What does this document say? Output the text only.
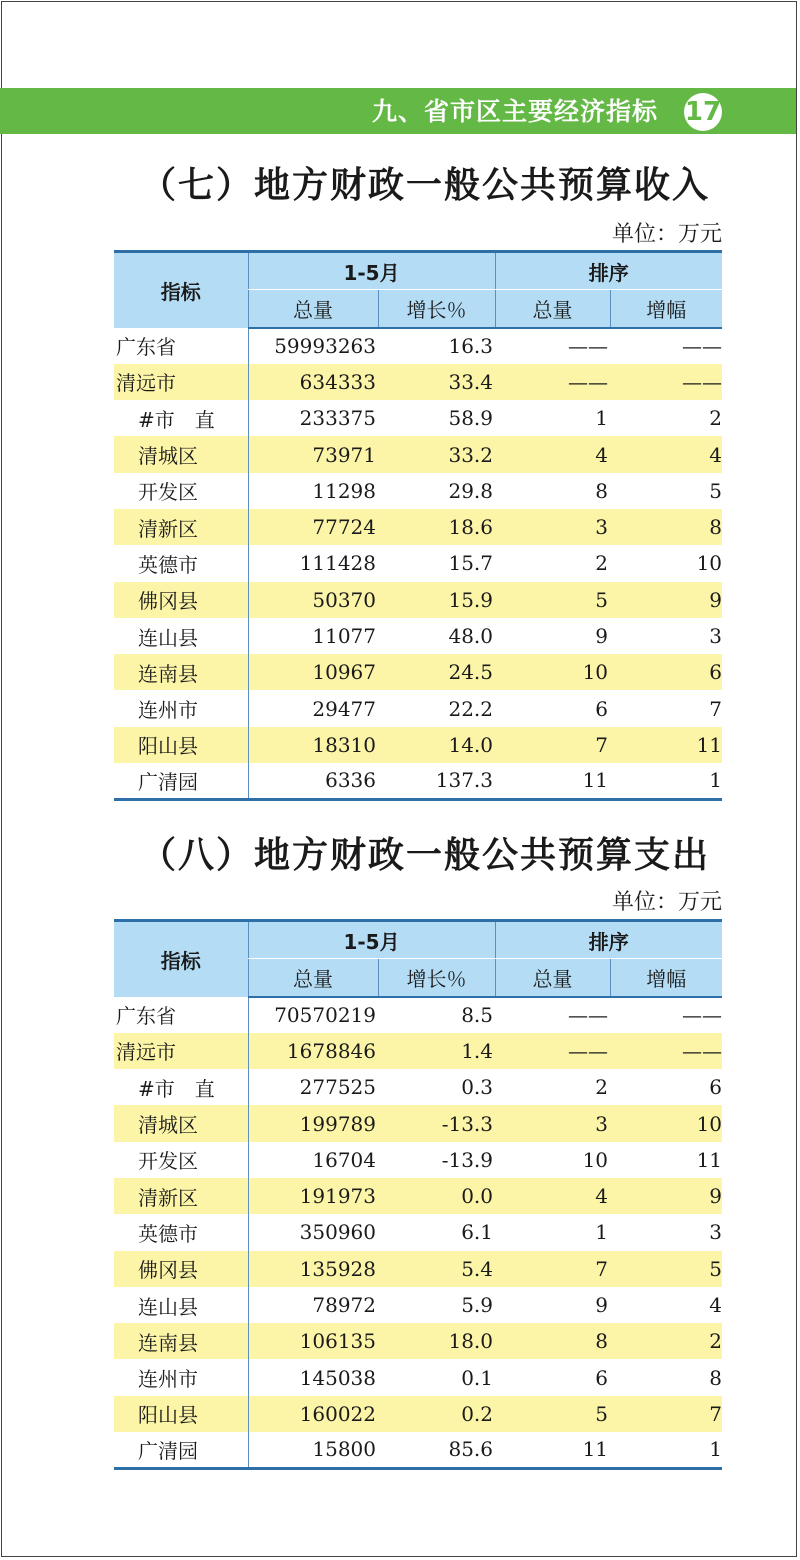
九、省市区主要经济指标 17
（七）地方财政一般公共预算收入
单位：万元
指标	1-5月		排序	
	总量	增长％	总量	增幅
广东省	59993263	16.3	——	——
清远市	634333	33.4	——	——
#市　直	233375	58.9	1	2
清城区	73971	33.2	4	4
开发区	11298	29.8	8	5
清新区	77724	18.6	3	8
英德市	111428	15.7	2	10
佛冈县	50370	15.9	5	9
连山县	11077	48.0	9	3
连南县	10967	24.5	10	6
连州市	29477	22.2	6	7
阳山县	18310	14.0	7	11
广清园	6336	137.3	11	1
（八）地方财政一般公共预算支出
单位：万元
指标	1-5月		排序	
	总量	增长％	总量	增幅
广东省	70570219	8.5	——	——
清远市	1678846	1.4	——	——
#市　直	277525	0.3	2	6
清城区	199789	-13.3	3	10
开发区	16704	-13.9	10	11
清新区	191973	0.0	4	9
英德市	350960	6.1	1	3
佛冈县	135928	5.4	7	5
连山县	78972	5.9	9	4
连南县	106135	18.0	8	2
连州市	145038	0.1	6	8
阳山县	160022	0.2	5	7
广清园	15800	85.6	11	1
